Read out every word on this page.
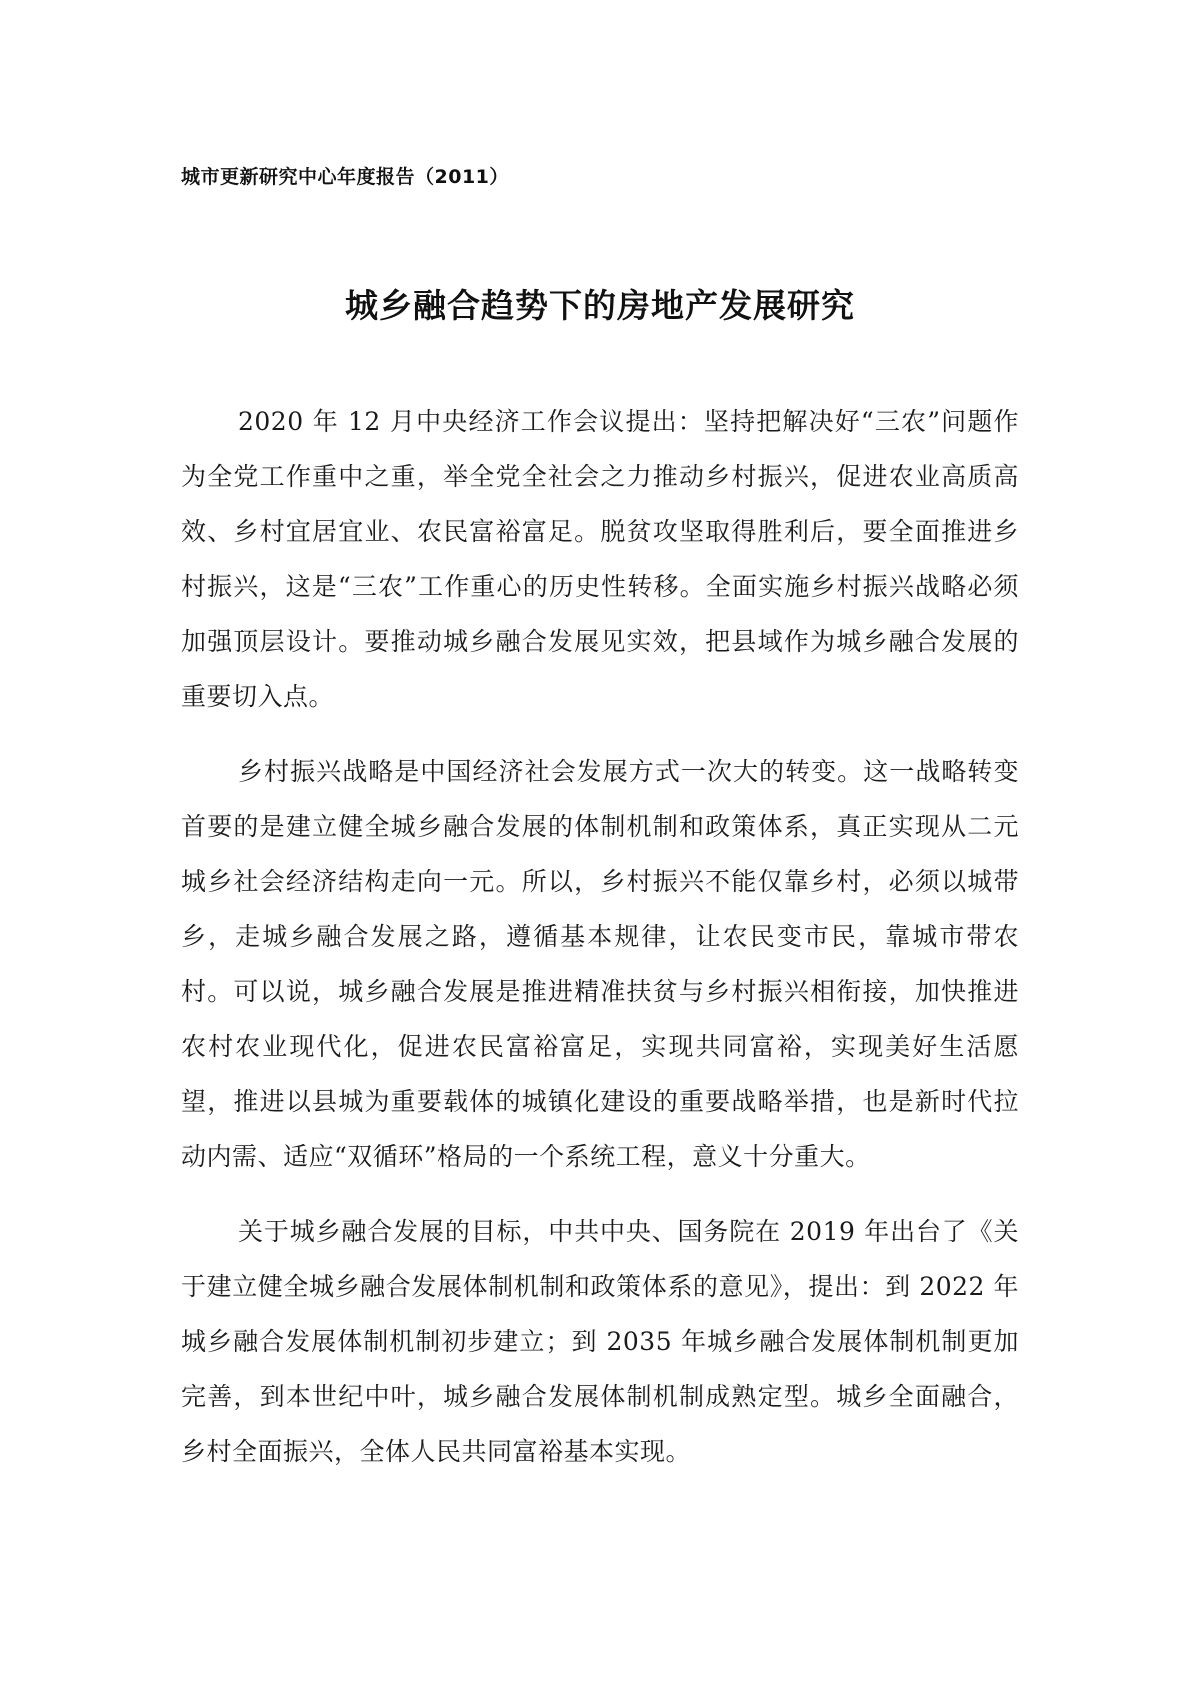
城市更新研究中心年度报告（2011）
城乡融合趋势下的房地产发展研究

2020 年 12 月中央经济工作会议提出：坚持把解决好“三农”问题作为全党工作重中之重，举全党全社会之力推动乡村振兴，促进农业高质高效、乡村宜居宜业、农民富裕富足。脱贫攻坚取得胜利后，要全面推进乡村振兴，这是“三农”工作重心的历史性转移。全面实施乡村振兴战略必须加强顶层设计。要推动城乡融合发展见实效，把县域作为城乡融合发展的重要切入点。

乡村振兴战略是中国经济社会发展方式一次大的转变。这一战略转变首要的是建立健全城乡融合发展的体制机制和政策体系，真正实现从二元城乡社会经济结构走向一元。所以，乡村振兴不能仅靠乡村，必须以城带乡，走城乡融合发展之路，遵循基本规律，让农民变市民，靠城市带农村。可以说，城乡融合发展是推进精准扶贫与乡村振兴相衔接，加快推进农村农业现代化，促进农民富裕富足，实现共同富裕，实现美好生活愿望，推进以县城为重要载体的城镇化建设的重要战略举措，也是新时代拉动内需、适应“双循环”格局的一个系统工程，意义十分重大。

关于城乡融合发展的目标，中共中央、国务院在 2019 年出台了《关于建立健全城乡融合发展体制机制和政策体系的意见》，提出：到 2022 年城乡融合发展体制机制初步建立；到 2035 年城乡融合发展体制机制更加完善，到本世纪中叶，城乡融合发展体制机制成熟定型。城乡全面融合，乡村全面振兴，全体人民共同富裕基本实现。
